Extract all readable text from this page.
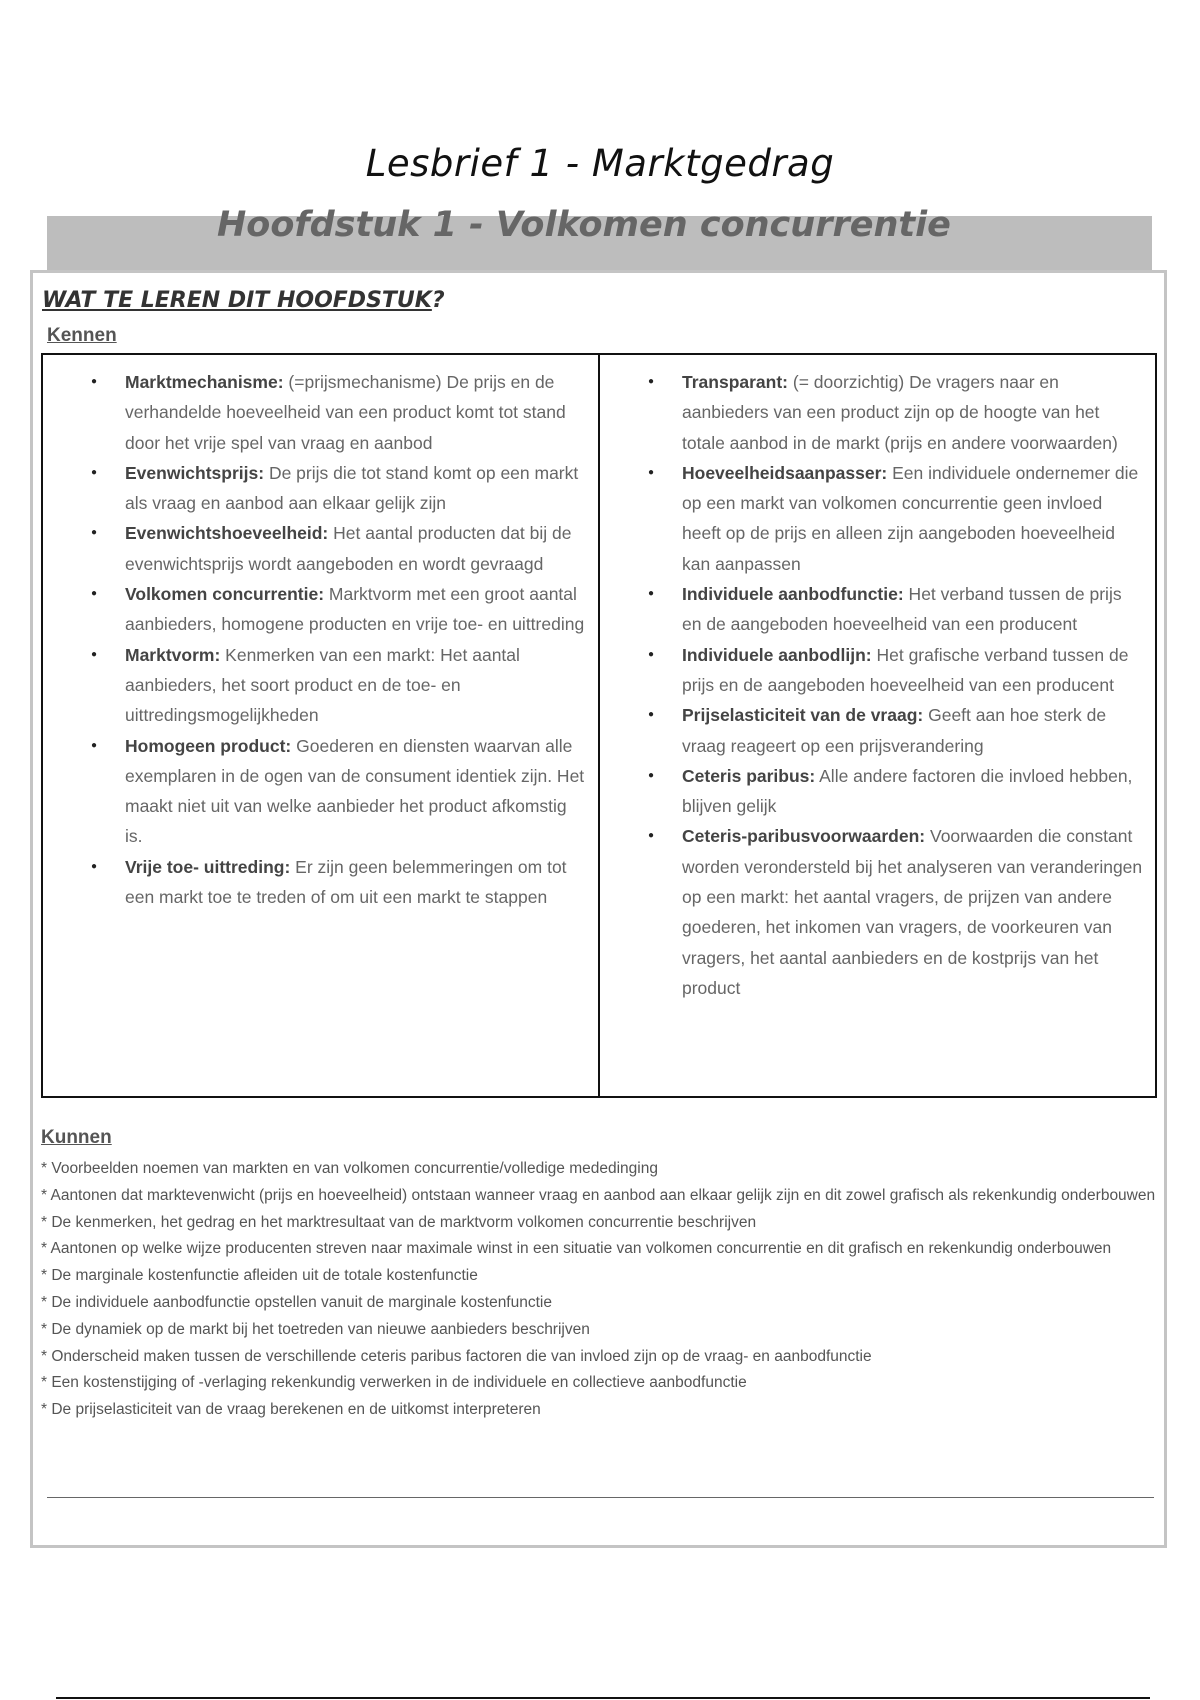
Lesbrief 1 - Marktgedrag
Hoofdstuk 1 - Volkomen concurrentie
WAT TE LEREN DIT HOOFDSTUK?
Kennen
● Marktmechanisme: (=prijsmechanisme) De prijs en de verhandelde hoeveelheid van een product komt tot stand door het vrije spel van vraag en aanbod
● Evenwichtsprijs: De prijs die tot stand komt op een markt als vraag en aanbod aan elkaar gelijk zijn
● Evenwichtshoeveelheid: Het aantal producten dat bij de evenwichtsprijs wordt aangeboden en wordt gevraagd
● Volkomen concurrentie: Marktvorm met een groot aantal aanbieders, homogene producten en vrije toe- en uittreding
● Marktvorm: Kenmerken van een markt: Het aantal aanbieders, het soort product en de toe- en uittredingsmogelijkheden
● Homogeen product: Goederen en diensten waarvan alle exemplaren in de ogen van de consument identiek zijn. Het maakt niet uit van welke aanbieder het product afkomstig is.
● Vrije toe- uittreding: Er zijn geen belemmeringen om tot een markt toe te treden of om uit een markt te stappen
● Transparant: (= doorzichtig) De vragers naar en aanbieders van een product zijn op de hoogte van het totale aanbod in de markt (prijs en andere voorwaarden)
● Hoeveelheidsaanpasser: Een individuele ondernemer die op een markt van volkomen concurrentie geen invloed heeft op de prijs en alleen zijn aangeboden hoeveelheid kan aanpassen
● Individuele aanbodfunctie: Het verband tussen de prijs en de aangeboden hoeveelheid van een producent
● Individuele aanbodlijn: Het grafische verband tussen de prijs en de aangeboden hoeveelheid van een producent
● Prijselasticiteit van de vraag: Geeft aan hoe sterk de vraag reageert op een prijsverandering
● Ceteris paribus: Alle andere factoren die invloed hebben, blijven gelijk
● Ceteris-paribusvoorwaarden: Voorwaarden die constant worden verondersteld bij het analyseren van veranderingen op een markt: het aantal vragers, de prijzen van andere goederen, het inkomen van vragers, de voorkeuren van vragers, het aantal aanbieders en de kostprijs van het product
Kunnen
* Voorbeelden noemen van markten en van volkomen concurrentie/volledige mededinging
* Aantonen dat marktevenwicht (prijs en hoeveelheid) ontstaan wanneer vraag en aanbod aan elkaar gelijk zijn en dit zowel grafisch als rekenkundig onderbouwen
* De kenmerken, het gedrag en het marktresultaat van de marktvorm volkomen concurrentie beschrijven
* Aantonen op welke wijze producenten streven naar maximale winst in een situatie van volkomen concurrentie en dit grafisch en rekenkundig onderbouwen
* De marginale kostenfunctie afleiden uit de totale kostenfunctie
* De individuele aanbodfunctie opstellen vanuit de marginale kostenfunctie
* De dynamiek op de markt bij het toetreden van nieuwe aanbieders beschrijven
* Onderscheid maken tussen de verschillende ceteris paribus factoren die van invloed zijn op de vraag- en aanbodfunctie
* Een kostenstijging of -verlaging rekenkundig verwerken in de individuele en collectieve aanbodfunctie
* De prijselasticiteit van de vraag berekenen en de uitkomst interpreteren
